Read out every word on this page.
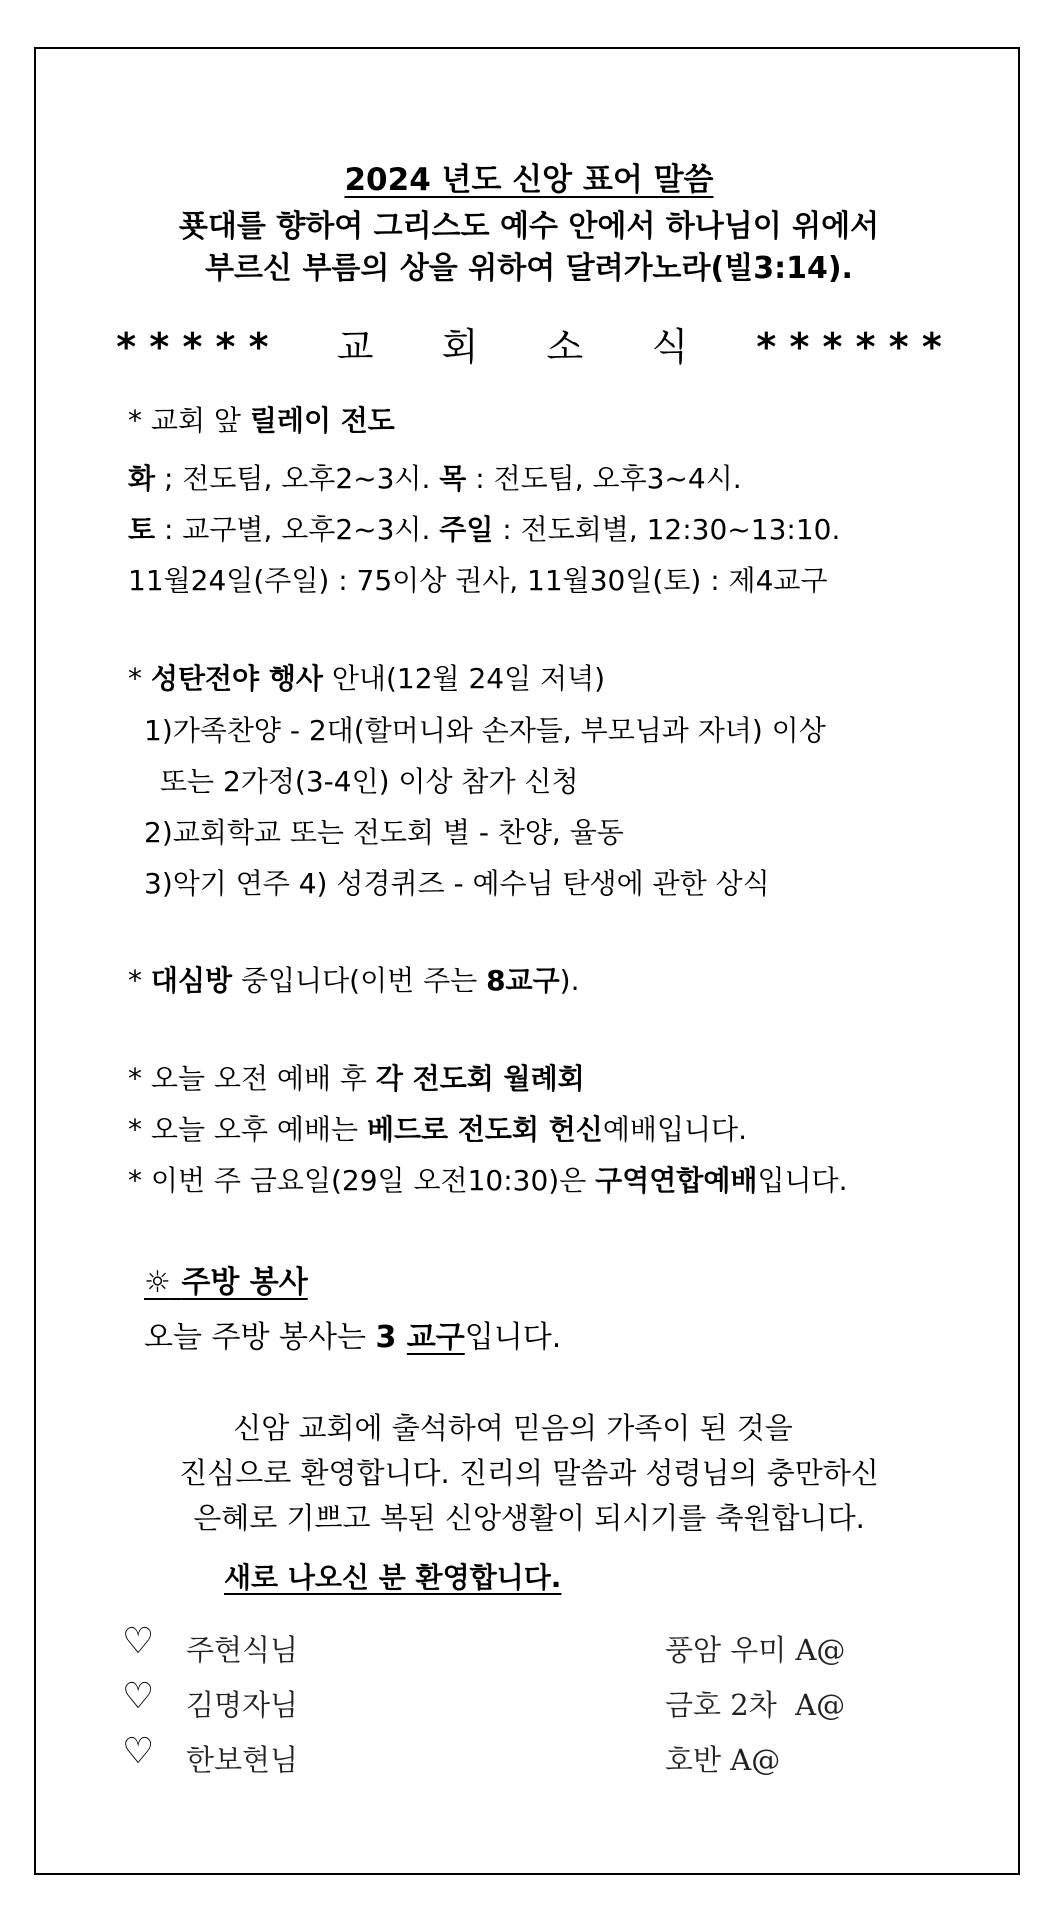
2024 년도 신앙 표어 말씀
푯대를 향하여 그리스도 예수 안에서 하나님이 위에서
부르신 부름의 상을 위하여 달려가노라(빌3:14).
* * * * * 교 회 소 식 * * * * * *
* 교회 앞 릴레이 전도
화 ; 전도팀, 오후2~3시. 목 : 전도팀, 오후3~4시.
토 : 교구별, 오후2~3시. 주일 : 전도회별, 12:30~13:10.
11월24일(주일) : 75이상 권사, 11월30일(토) : 제4교구
* 성탄전야 행사 안내(12월 24일 저녁)
1)가족찬양 - 2대(할머니와 손자들, 부모님과 자녀) 이상
또는 2가정(3-4인) 이상 참가 신청
2)교회학교 또는 전도회 별 - 찬양, 율동
3)악기 연주 4) 성경퀴즈 - 예수님 탄생에 관한 상식
* 대심방 중입니다(이번 주는 8교구).
* 오늘 오전 예배 후 각 전도회 월례회
* 오늘 오후 예배는 베드로 전도회 헌신예배입니다.
* 이번 주 금요일(29일 오전10:30)은 구역연합예배입니다.
☼ 주방 봉사
오늘 주방 봉사는 3 교구입니다.
신암 교회에 출석하여 믿음의 가족이 된 것을
진심으로 환영합니다. 진리의 말씀과 성령님의 충만하신
은혜로 기쁘고 복된 신앙생활이 되시기를 축원합니다.
새로 나오신 분 환영합니다.
♡ 주현식님	풍암 우미 A@
♡ 김명자님	금호 2차  A@
♡ 한보현님	호반 A@
